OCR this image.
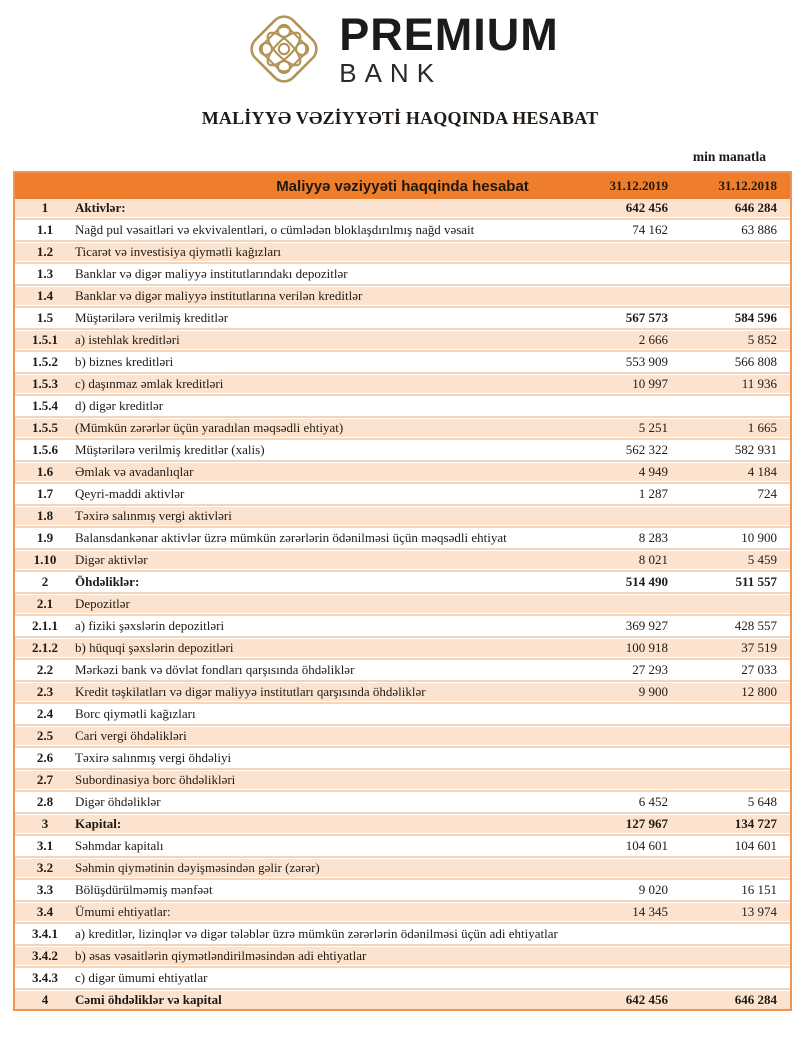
PREMIUM
BANK
MALİYYƏ VƏZİYYƏTİ HAQQINDA HESABAT
min manatla
Maliyyə vəziyyəti haqqinda hesabat	31.12.2019	31.12.2018
1	Aktivlər:	642 456	646 284
1.1	Nağd pul vəsaitləri və ekvivalentləri, o cümlədən bloklaşdırılmış nağd vəsait	74 162	63 886
1.2	Ticarət və investisiya qiymətli kağızları
1.3	Banklar və digər maliyyə institutlarındakı depozitlər
1.4	Banklar və digər maliyyə institutlarına verilən kreditlər
1.5	Müştərilərə verilmiş kreditlər	567 573	584 596
1.5.1	a) istehlak kreditləri	2 666	5 852
1.5.2	b) biznes kreditləri	553 909	566 808
1.5.3	c) daşınmaz əmlak kreditləri	10 997	11 936
1.5.4	d) digər kreditlər
1.5.5	(Mümkün zərərlər üçün yaradılan məqsədli ehtiyat)	5 251	1 665
1.5.6	Müştərilərə verilmiş kreditlər (xalis)	562 322	582 931
1.6	Əmlak və avadanlıqlar	4 949	4 184
1.7	Qeyri-maddi aktivlər	1 287	724
1.8	Təxirə salınmış vergi aktivləri
1.9	Balansdankənar aktivlər üzrə mümkün zərərlərin ödənilməsi üçün məqsədli ehtiyat	8 283	10 900
1.10	Digər aktivlər	8 021	5 459
2	Öhdəliklər:	514 490	511 557
2.1	Depozitlər
2.1.1	a) fiziki şəxslərin depozitləri	369 927	428 557
2.1.2	b) hüquqi şəxslərin depozitləri	100 918	37 519
2.2	Mərkəzi bank və dövlət fondları qarşısında öhdəliklər	27 293	27 033
2.3	Kredit təşkilatları və digər maliyyə institutları qarşısında öhdəliklər	9 900	12 800
2.4	Borc qiymətli kağızları
2.5	Cari vergi öhdəlikləri
2.6	Təxirə salınmış vergi öhdəliyi
2.7	Subordinasiya borc öhdəlikləri
2.8	Digər öhdəliklər	6 452	5 648
3	Kapital:	127 967	134 727
3.1	Səhmdar kapitalı	104 601	104 601
3.2	Səhmin qiymətinin dəyişməsindən gəlir (zərər)
3.3	Bölüşdürülməmiş mənfəət	9 020	16 151
3.4	Ümumi ehtiyatlar:	14 345	13 974
3.4.1	a) kreditlər, lizinqlər və digər tələblər üzrə mümkün zərərlərin ödənilməsi üçün adi ehtiyatlar
3.4.2	b) əsas vəsaitlərin qiymətləndirilməsindən adi ehtiyatlar
3.4.3	c) digər ümumi ehtiyatlar
4	Cəmi öhdəliklər və kapital	642 456	646 284
